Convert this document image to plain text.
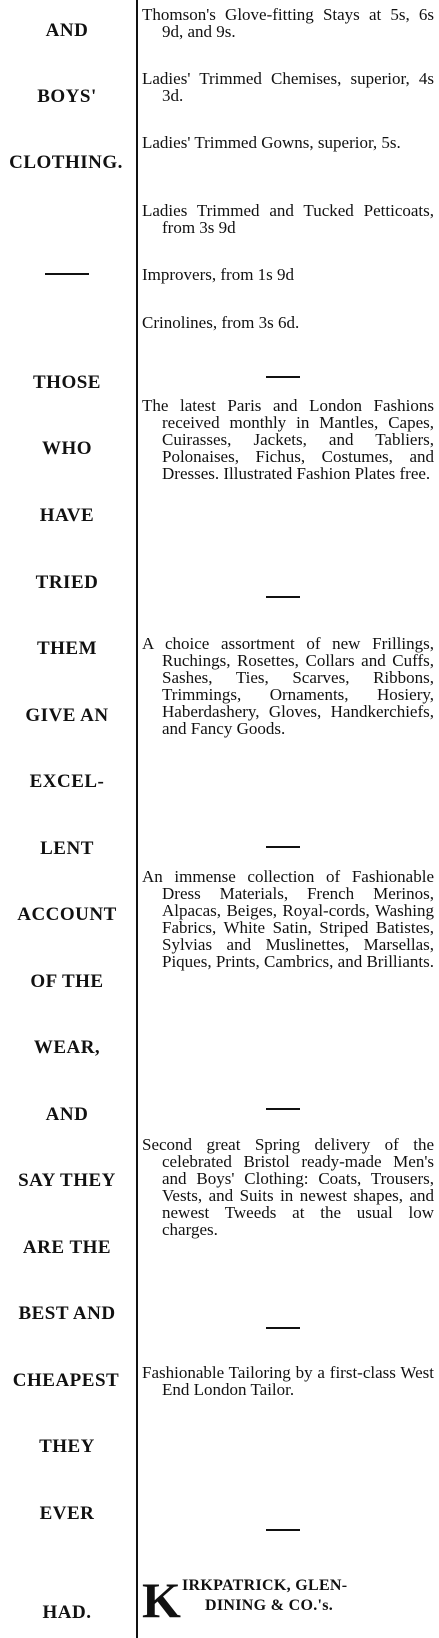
AND
BOYS'
CLOTHING.
THOSE
WHO
HAVE
TRIED
THEM
GIVE AN
EXCEL-
LENT
ACCOUNT
OF THE
WEAR,
AND
SAY THEY
ARE THE
BEST AND
CHEAPEST
THEY
EVER
HAD.
Thomson's Glove-fitting Stays at 5s, 6s 9d, and 9s.
Ladies' Trimmed Chemises, superior, 4s 3d.
Ladies' Trimmed Gowns, superior, 5s.
Ladies Trimmed and Tucked Petticoats, from 3s 9d
Improvers, from 1s 9d
Crinolines, from 3s 6d.
The latest Paris and London Fashions received monthly in Mantles, Capes, Cuirasses, Jackets, and Tabliers, Polonaises, Fichus, Costumes, and Dresses. Illustrated Fashion Plates free.
A choice assortment of new Frillings, Ruchings, Rosettes, Collars and Cuffs, Sashes, Ties, Scarves, Ribbons, Trimmings, Ornaments, Hosiery, Haberdashery, Gloves, Handkerchiefs, and Fancy Goods.
An immense collection of Fashionable Dress Materials, French Merinos, Alpacas, Beiges, Royal-cords, Washing Fabrics, White Satin, Striped Batistes, Sylvias and Muslinettes, Marsellas, Piques, Prints, Cambrics, and Brilliants.
Second great Spring delivery of the celebrated Bristol ready-made Men's and Boys' Clothing: Coats, Trousers, Vests, and Suits in newest shapes, and newest Tweeds at the usual low charges.
Fashionable Tailoring by a first-class West End London Tailor.
K IRKPATRICK, GLEN-
DINING & CO.'s.
